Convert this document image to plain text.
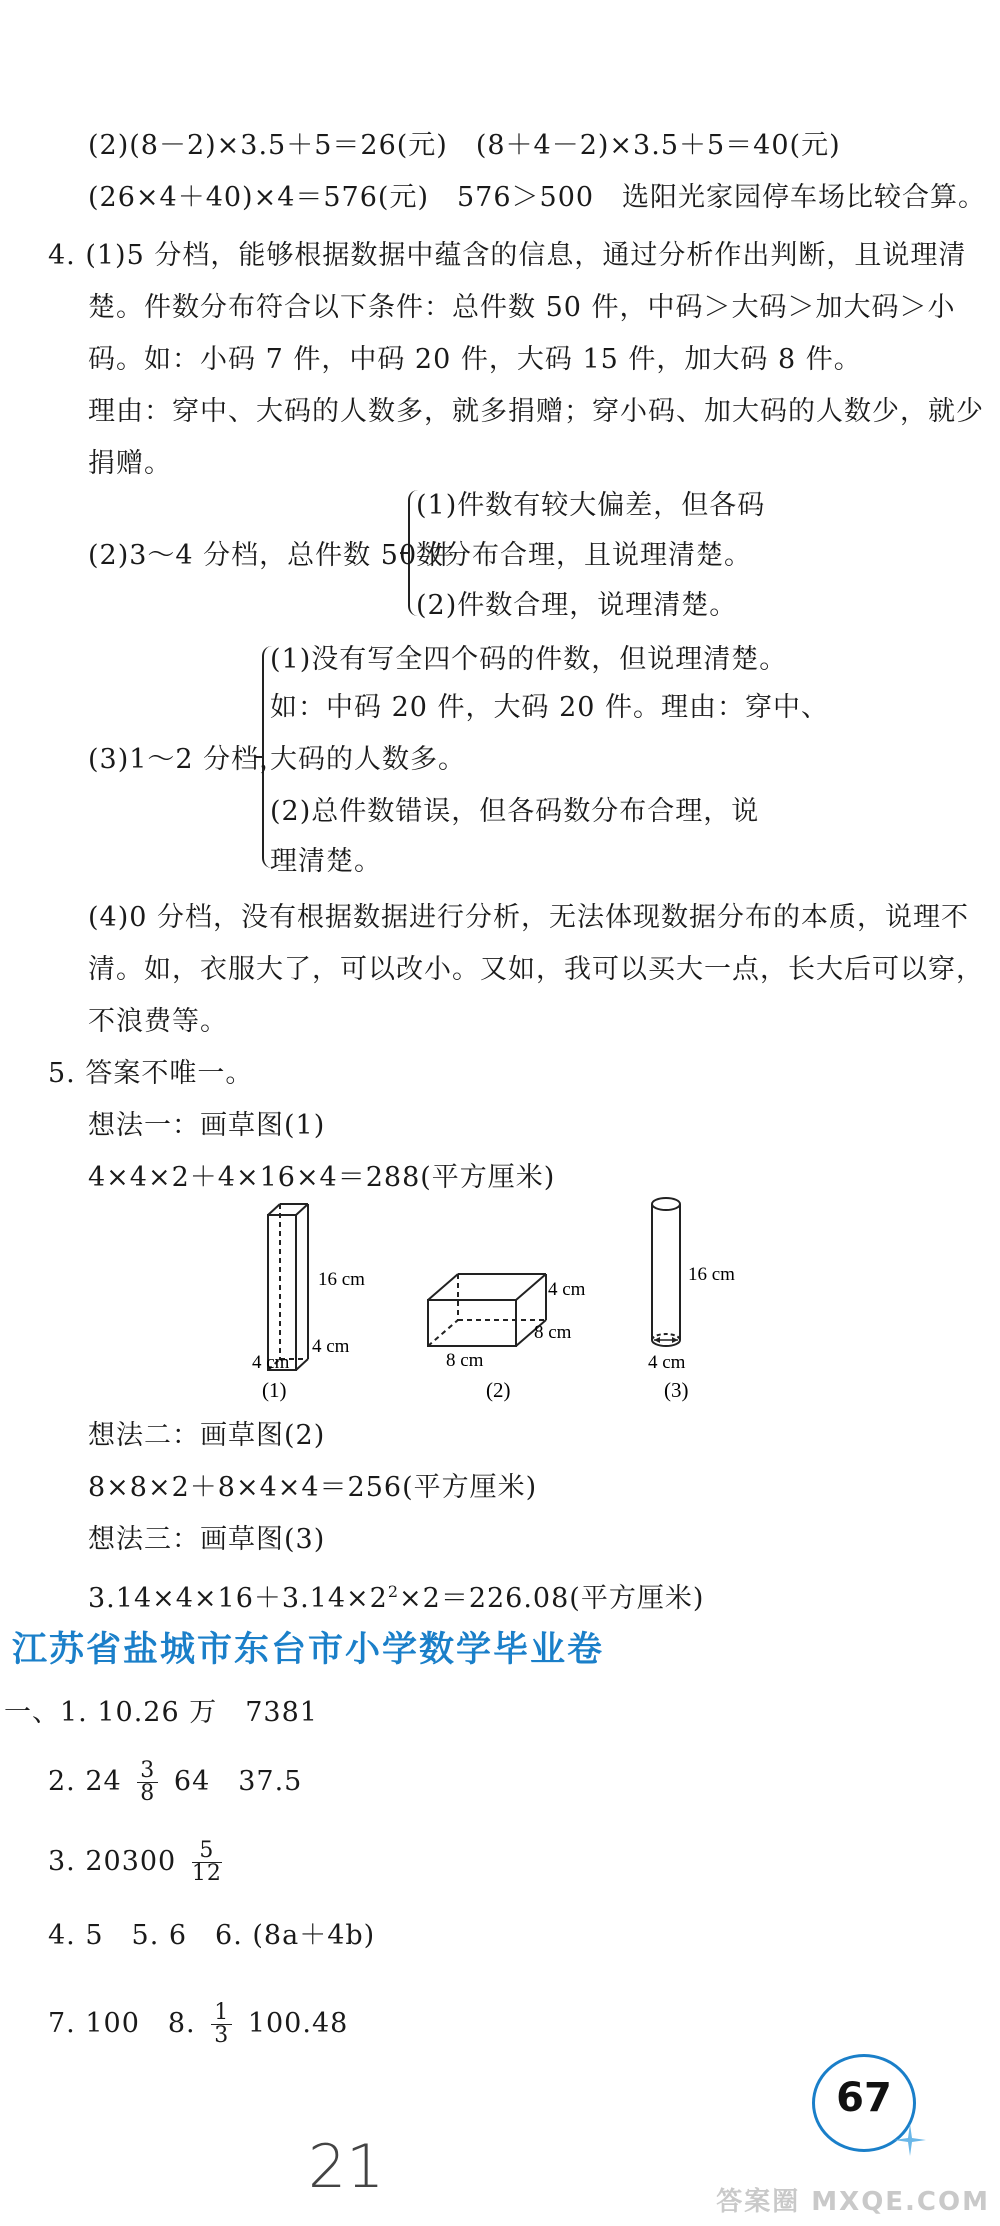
(2)(8－2)×3.5＋5＝26(元)　(8＋4－2)×3.5＋5＝40(元)
(26×4＋40)×4＝576(元)　576＞500　选阳光家园停车场比较合算。
4. (1)5 分档，能够根据数据中蕴含的信息，通过分析作出判断，且说理清
楚。件数分布符合以下条件：总件数 50 件，中码＞大码＞加大码＞小
码。如：小码 7 件，中码 20 件，大码 15 件，加大码 8 件。
理由：穿中、大码的人数多，就多捐赠；穿小码、加大码的人数少，就少
捐赠。
(1)件数有较大偏差，但各码
(2)3～4 分档，总件数 50 件
数分布合理，且说理清楚。
(2)件数合理，说理清楚。
(1)没有写全四个码的件数，但说理清楚。
如：中码 20 件，大码 20 件。理由：穿中、
(3)1～2 分档，
大码的人数多。
(2)总件数错误，但各码数分布合理，说
理清楚。
(4)0 分档，没有根据数据进行分析，无法体现数据分布的本质，说理不
清。如，衣服大了，可以改小。又如，我可以买大一点，长大后可以穿，
不浪费等。
5. 答案不唯一。
想法一：画草图(1)
4×4×2＋4×16×4＝288(平方厘米)
16 cm
4 cm
4 cm
(1)
4 cm
8 cm
8 cm
(2)
16 cm
4 cm
(3)
想法二：画草图(2)
8×8×2＋8×4×4＝256(平方厘米)
想法三：画草图(3)
$3.14\times 4\times 16+3.14\times 2^2\times 2=226.08$(平方厘米)
江苏省盐城市东台市小学数学毕业卷
一、1. 10.26 万　7381
2. $24 \frac{3}{8} 64$　37.5
3. $20300 \frac{5}{12}$
4. 5　5. 6　6. (8a＋4b)
7. 100　8. $\frac{1}{3} 100.48$
67
21	答案圈 MXQE.COM
